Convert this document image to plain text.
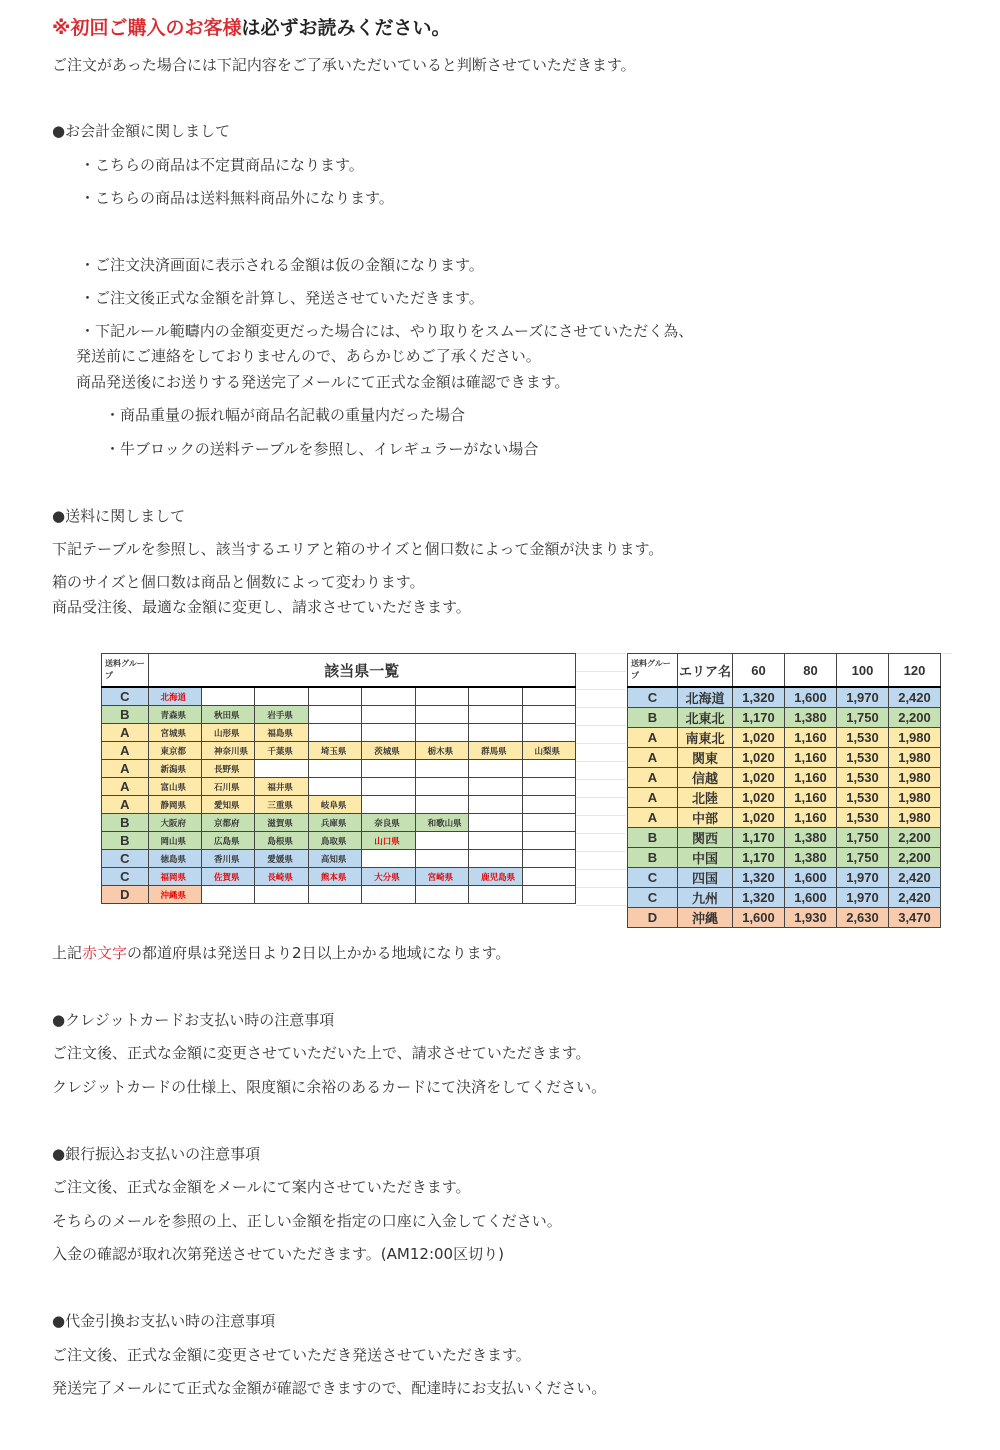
※初回ご購入のお客様は必ずお読みください。
ご注文があった場合には下記内容をご了承いただいていると判断させていただきます。
●お会計金額に関しまして
・こちらの商品は不定貫商品になります。
・こちらの商品は送料無料商品外になります。
・ご注文決済画面に表示される金額は仮の金額になります。
・ご注文後正式な金額を計算し、発送させていただきます。
・下記ルール範疇内の金額変更だった場合には、やり取りをスムーズにさせていただく為、
発送前にご連絡をしておりませんので、あらかじめご了承ください。
商品発送後にお送りする発送完了メールにて正式な金額は確認できます。
・商品重量の振れ幅が商品名記載の重量内だった場合
・牛ブロックの送料テーブルを参照し、イレギュラーがない場合
●送料に関しまして
下記テーブルを参照し、該当するエリアと箱のサイズと個口数によって金額が決まります。
箱のサイズと個口数は商品と個数によって変わります。
商品受注後、最適な金額に変更し、請求させていただきます。
送料グループ	該当県一覧							
C	北海道							
B	青森県	秋田県	岩手県					
A	宮城県	山形県	福島県					
A	東京都	神奈川県	千葉県	埼玉県	茨城県	栃木県	群馬県	山梨県
A	新潟県	長野県						
A	富山県	石川県	福井県					
A	静岡県	愛知県	三重県	岐阜県				
B	大阪府	京都府	滋賀県	兵庫県	奈良県	和歌山県		
B	岡山県	広島県	島根県	鳥取県	山口県			
C	徳島県	香川県	愛媛県	高知県				
C	福岡県	佐賀県	長崎県	熊本県	大分県	宮崎県	鹿児島県	
D	沖縄県							
送料グループ	エリア名	60	80	100	120
C	北海道	1,320	1,600	1,970	2,420
B	北東北	1,170	1,380	1,750	2,200
A	南東北	1,020	1,160	1,530	1,980
A	関東	1,020	1,160	1,530	1,980
A	信越	1,020	1,160	1,530	1,980
A	北陸	1,020	1,160	1,530	1,980
A	中部	1,020	1,160	1,530	1,980
B	関西	1,170	1,380	1,750	2,200
B	中国	1,170	1,380	1,750	2,200
C	四国	1,320	1,600	1,970	2,420
C	九州	1,320	1,600	1,970	2,420
D	沖縄	1,600	1,930	2,630	3,470
上記赤文字の都道府県は発送日より2日以上かかる地域になります。
●クレジットカードお支払い時の注意事項
ご注文後、正式な金額に変更させていただいた上で、請求させていただきます。
クレジットカードの仕様上、限度額に余裕のあるカードにて決済をしてください。
●銀行振込お支払いの注意事項
ご注文後、正式な金額をメールにて案内させていただきます。
そちらのメールを参照の上、正しい金額を指定の口座に入金してください。
入金の確認が取れ次第発送させていただきます。(AM12:00区切り)
●代金引換お支払い時の注意事項
ご注文後、正式な金額に変更させていただき発送させていただきます。
発送完了メールにて正式な金額が確認できますので、配達時にお支払いください。
